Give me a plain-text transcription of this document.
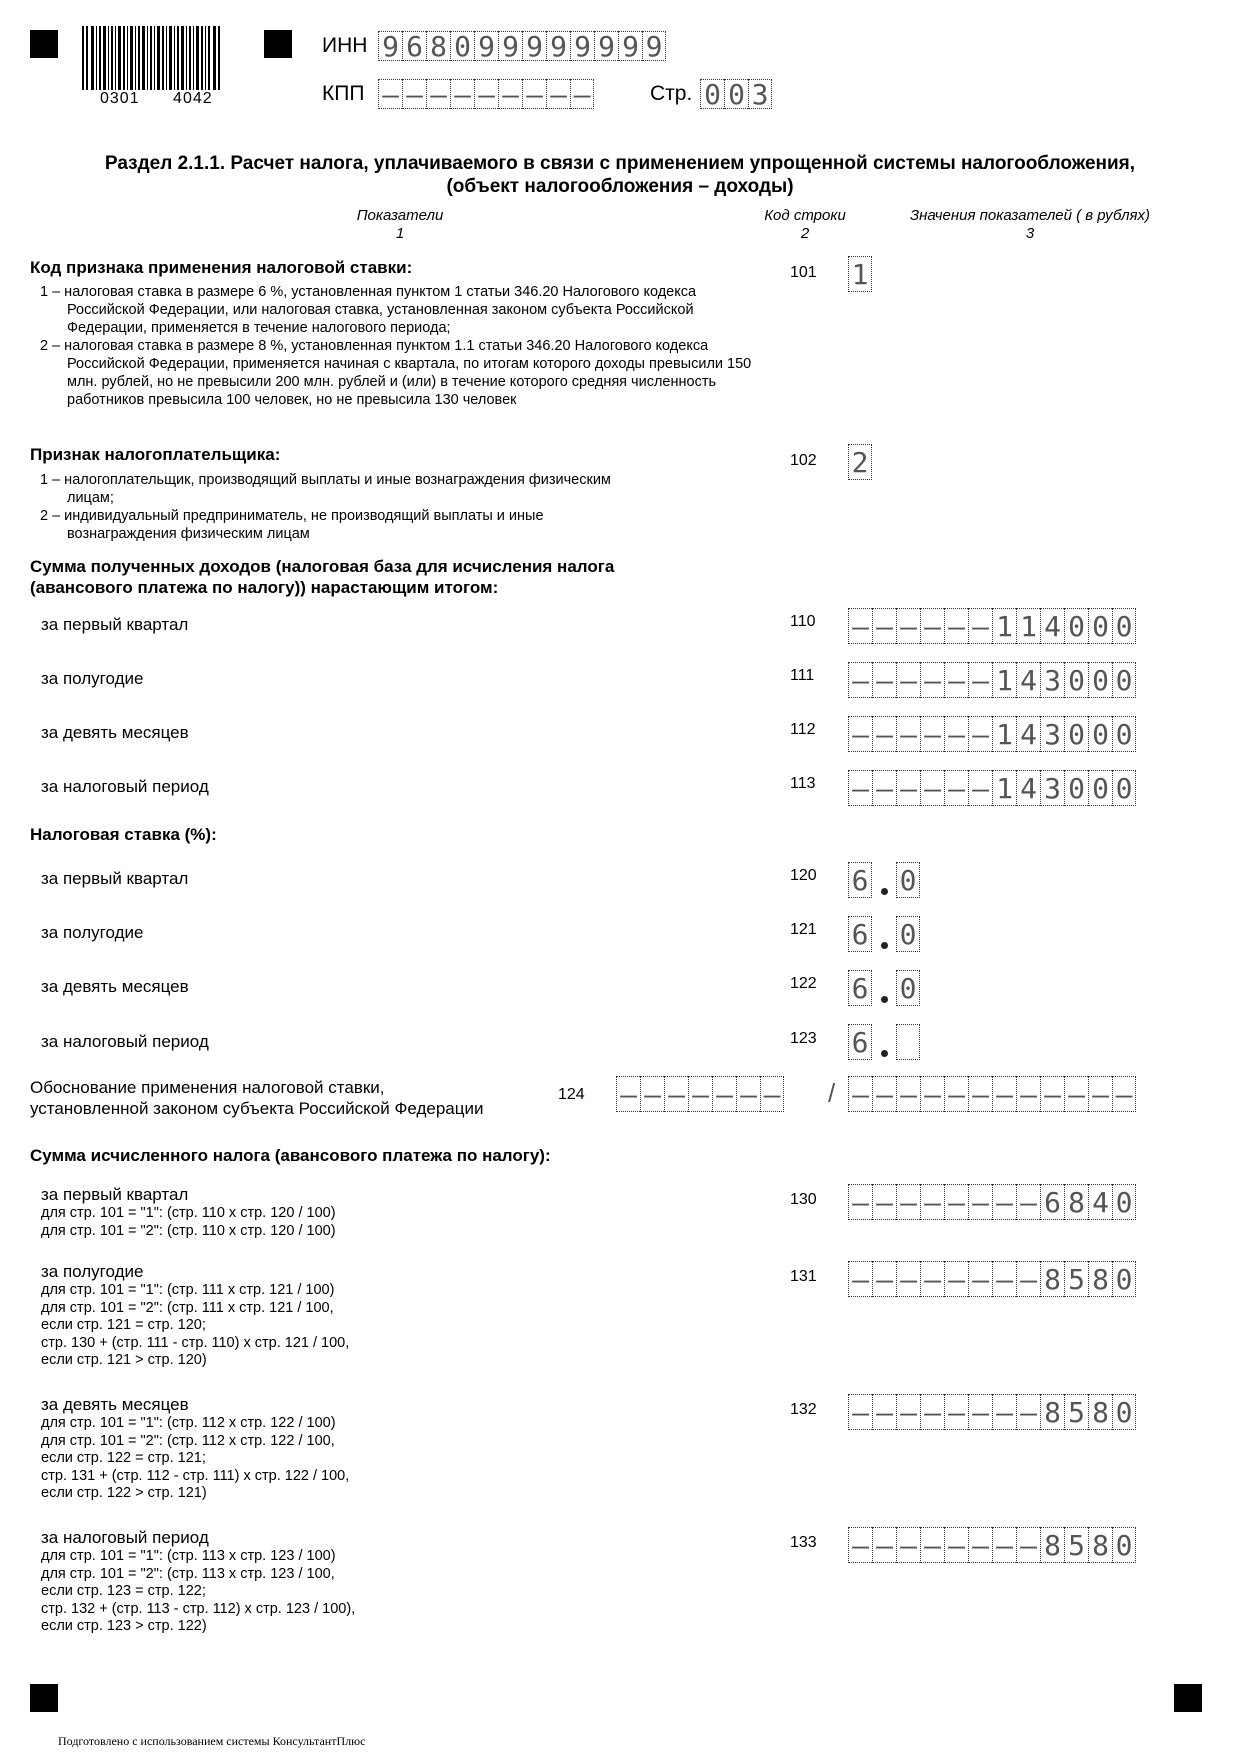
0301 4042
ИНН 9 6 8 0 9 9 9 9 9 9 9 9
КПП – – – – – – – – –	Стр. 0 0 3
Раздел 2.1.1. Расчет налога, уплачиваемого в связи с применением упрощенной системы налогообложения,
(объект налогообложения – доходы)
Показатели
1
Код строки
2
Значения показателей ( в рублях)
3
Код признака применения налоговой ставки:
1 – налоговая ставка в размере 6 %, установленная пунктом 1 статьи 346.20 Налогового кодекса Российской Федерации, или налоговая ставка, установленная законом субъекта Российской Федерации, применяется в течение налогового периода;
2 – налоговая ставка в размере 8 %, установленная пунктом 1.1 статьи 346.20 Налогового кодекса Российской Федерации, применяется начиная с квартала, по итогам которого доходы превысили 150 млн. рублей, но не превысили 200 млн. рублей и (или) в течение которого средняя численность работников превысила 100 человек, но не превысила 130 человек
101 1
Признак налогоплательщика:
1 – налогоплательщик, производящий выплаты и иные вознаграждения физическим лицам;
2 – индивидуальный предприниматель, не производящий выплаты и иные вознаграждения физическим лицам
102 2
Сумма полученных доходов (налоговая база для исчисления налога
(авансового платежа по налогу)) нарастающим итогом:
за первый квартал	110 – – – – – – 1 1 4 0 0 0
за полугодие	111 – – – – – – 1 4 3 0 0 0
за девять месяцев	112 – – – – – – 1 4 3 0 0 0
за налоговый период	113 – – – – – – 1 4 3 0 0 0
Налоговая ставка (%):
за первый квартал	120 6 0
за полугодие	121 6 0
за девять месяцев	122 6 0
за налоговый период	123 6
Обоснование применения налоговой ставки,
установленной законом субъекта Российской Федерации
124 – – – – – – – / – – – – – – – – – – – –
Сумма исчисленного налога (авансового платежа по налогу):
за первый квартал
для стр. 101 = "1": (стр. 110 х стр. 120 / 100)
для стр. 101 = "2": (стр. 110 х стр. 120 / 100)
130 – – – – – – – – 6 8 4 0
за полугодие
для стр. 101 = "1": (стр. 111 х стр. 121 / 100)
для стр. 101 = "2": (стр. 111 х стр. 121 / 100,
если стр. 121 = стр. 120;
стр. 130 + (стр. 111 - стр. 110) х стр. 121 / 100,
если стр. 121 > стр. 120)
131 – – – – – – – – 8 5 8 0
за девять месяцев
для стр. 101 = "1": (стр. 112 х стр. 122 / 100)
для стр. 101 = "2": (стр. 112 х стр. 122 / 100,
если стр. 122 = стр. 121;
стр. 131 + (стр. 112 - стр. 111) х стр. 122 / 100,
если стр. 122 > стр. 121)
132 – – – – – – – – 8 5 8 0
за налоговый период
для стр. 101 = "1": (стр. 113 х стр. 123 / 100)
для стр. 101 = "2": (стр. 113 х стр. 123 / 100,
если стр. 123 = стр. 122;
стр. 132 + (стр. 113 - стр. 112) х стр. 123 / 100),
если стр. 123 > стр. 122)
133 – – – – – – – – 8 5 8 0
Подготовлено с использованием системы КонсультантПлюс
